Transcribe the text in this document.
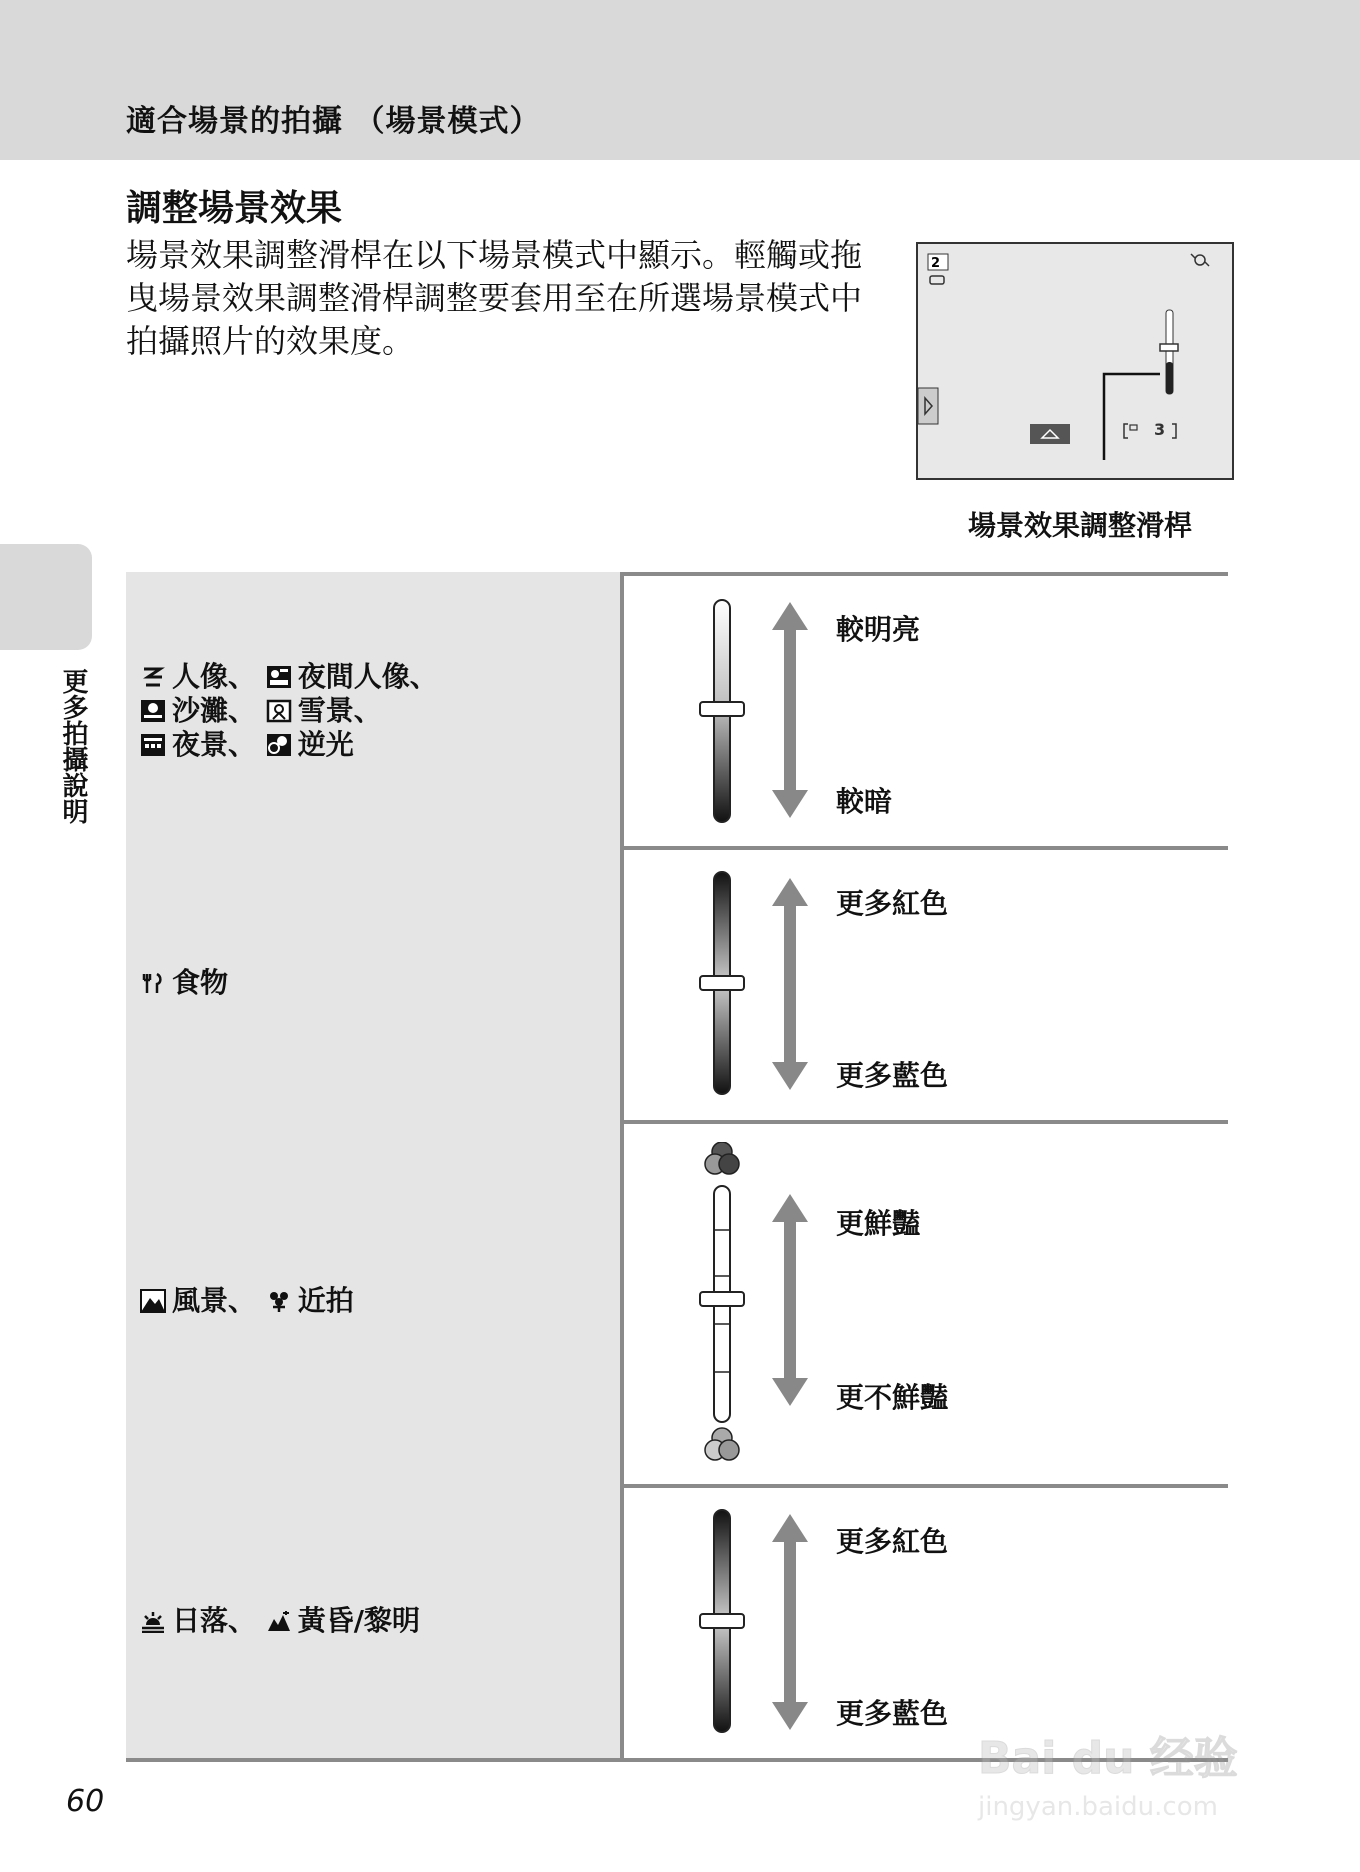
適合場景的拍攝 （場景模式）
調整場景效果
場景效果調整滑桿在以下場景模式中顯示。輕觸或拖曳場景效果調整滑桿調整要套用至在所選場景模式中拍攝照片的效果度。
2
3
場景效果調整滑桿
更多拍攝說明	人像、 夜間人像、
沙灘、 雪景、
夜景、 逆光
較明亮
較暗
食物
更多紅色
更多藍色
風景、 近拍
更鮮豔
更不鮮豔
日落、 黃昏/黎明
更多紅色
更多藍色
60
Bai du 经验
jingyan.baidu.com
